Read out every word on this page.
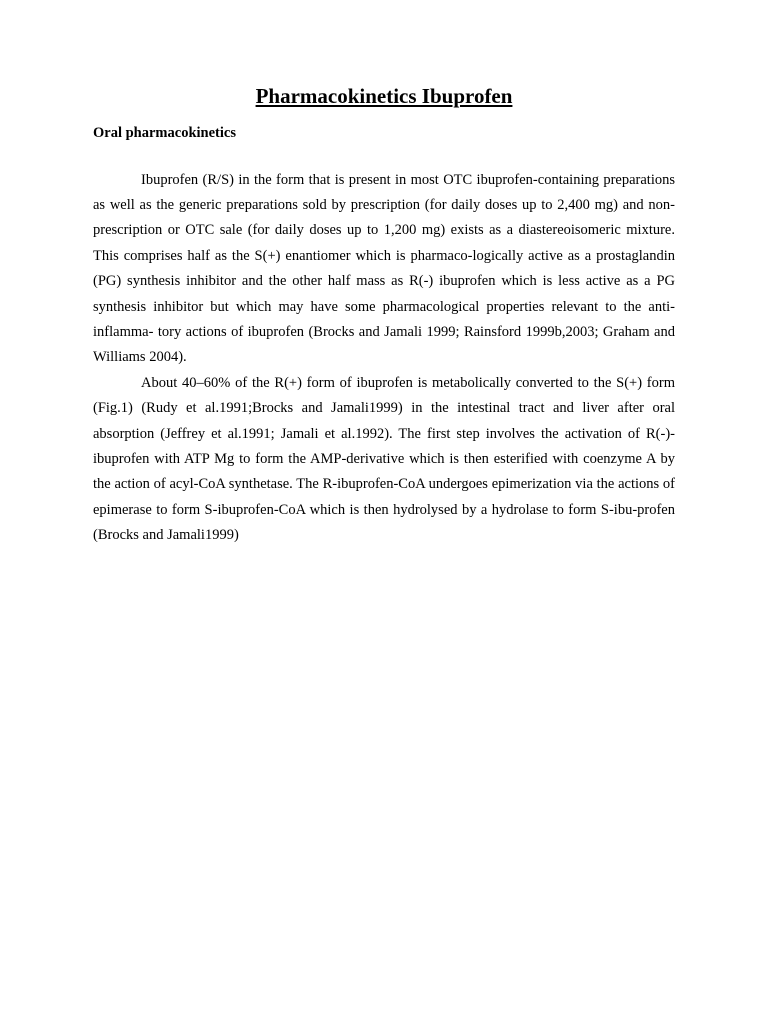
Pharmacokinetics Ibuprofen
Oral pharmacokinetics

Ibuprofen (R/S) in the form that is present in most OTC ibuprofen-containing preparations as well as the generic preparations sold by prescription (for daily doses up to 2,400 mg) and non-prescription or OTC sale (for daily doses up to 1,200 mg) exists as a diastereoisomeric mixture. This comprises half as the S(+) enantiomer which is pharmaco-logically active as a prostaglandin (PG) synthesis inhibitor and the other half mass as R(-) ibuprofen which is less active as a PG synthesis inhibitor but which may have some pharmacological properties relevant to the anti-inflamma- tory actions of ibuprofen (Brocks and Jamali 1999; Rainsford 1999b,2003; Graham and Williams 2004).

About 40–60% of the R(+) form of ibuprofen is metabolically converted to the S(+) form (Fig.1) (Rudy et al.1991;Brocks and Jamali1999) in the intestinal tract and liver after oral absorption (Jeffrey et al.1991; Jamali et al.1992). The first step involves the activation of R(-)-ibuprofen with ATP Mg to form the AMP-derivative which is then esterified with coenzyme A by the action of acyl-CoA synthetase. The R-ibuprofen-CoA undergoes epimerization via the actions of epimerase to form S-ibuprofen-CoA which is then hydrolysed by a hydrolase to form S-ibu-profen (Brocks and Jamali1999)
